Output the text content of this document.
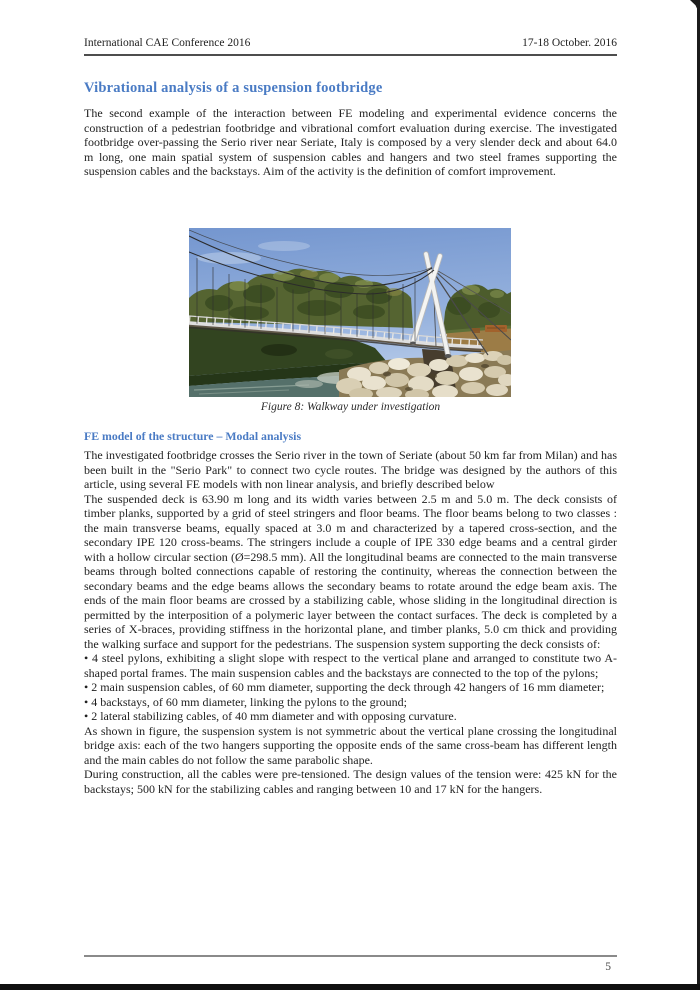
International CAE Conference 2016	17-18 October. 2016
Vibrational analysis of a suspension footbridge
The second example of the interaction between FE modeling and experimental evidence concerns the construction of a pedestrian footbridge and vibrational comfort evaluation during exercise. The investigated footbridge over-passing the Serio river near Seriate, Italy is composed by a very slender deck and about 64.0 m long, one main spatial system of suspension cables and hangers and two steel frames supporting the suspension cables and the backstays. Aim of the activity is the definition of comfort improvement.
Figure 8: Walkway under investigation
FE model of the structure – Modal analysis

The investigated footbridge crosses the Serio river in the town of Seriate (about 50 km far from Milan) and has been built in the "Serio Park" to connect two cycle routes. The bridge was designed by the authors of this article, using several FE models with non linear analysis, and briefly described below

The suspended deck is 63.90 m long and its width varies between 2.5 m and 5.0 m. The deck consists of timber planks, supported by a grid of steel stringers and floor beams. The floor beams belong to two classes : the main transverse beams, equally spaced at 3.0 m and characterized by a tapered cross-section, and the secondary IPE 120 cross-beams. The stringers include a couple of IPE 330 edge beams and a central girder with a hollow circular section (Ø=298.5 mm). All the longitudinal beams are connected to the main transverse beams through bolted connections capable of restoring the continuity, whereas the connection between the secondary beams and the edge beams allows the secondary beams to rotate around the edge beam axis. The ends of the main floor beams are crossed by a stabilizing cable, whose sliding in the longitudinal direction is permitted by the interposition of a polymeric layer between the contact surfaces. The deck is completed by a series of X-braces, providing stiffness in the horizontal plane, and timber planks, 5.0 cm thick and providing the walking surface and support for the pedestrians. The suspension system supporting the deck consists of:

• 4 steel pylons, exhibiting a slight slope with respect to the vertical plane and arranged to constitute two A-shaped portal frames. The main suspension cables and the backstays are connected to the top of the pylons;

• 2 main suspension cables, of 60 mm diameter, supporting the deck through 42 hangers of 16 mm diameter;

• 4 backstays, of 60 mm diameter, linking the pylons to the ground;

• 2 lateral stabilizing cables, of 40 mm diameter and with opposing curvature.

As shown in figure, the suspension system is not symmetric about the vertical plane crossing the longitudinal bridge axis: each of the two hangers supporting the opposite ends of the same cross-beam has different length and the main cables do not follow the same parabolic shape.

During construction, all the cables were pre-tensioned. The design values of the tension were: 425 kN for the backstays; 500 kN for the stabilizing cables and ranging between 10 and 17 kN for the hangers.

5
